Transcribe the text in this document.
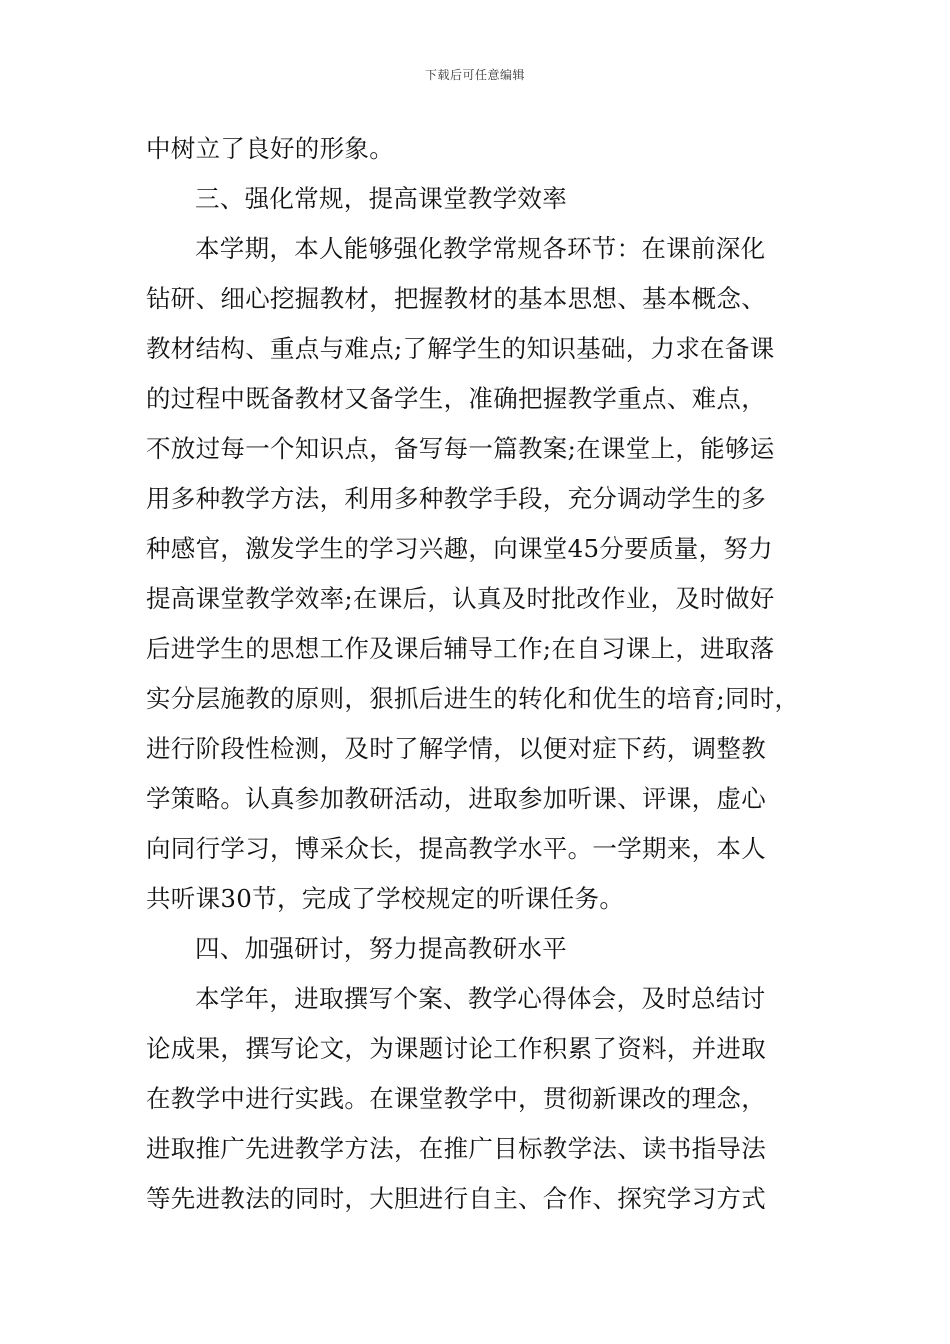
下载后可任意编辑
中树立了良好的形象。
三、强化常规，提高课堂教学效率
本学期，本人能够强化教学常规各环节：在课前深化
钻研、细心挖掘教材，把握教材的基本思想、基本概念、
教材结构、重点与难点;了解学生的知识基础，力求在备课
的过程中既备教材又备学生，准确把握教学重点、难点，
不放过每一个知识点，备写每一篇教案;在课堂上，能够运
用多种教学方法，利用多种教学手段，充分调动学生的多
种感官，激发学生的学习兴趣，向课堂45分要质量，努力
提高课堂教学效率;在课后，认真及时批改作业，及时做好
后进学生的思想工作及课后辅导工作;在自习课上，进取落
实分层施教的原则，狠抓后进生的转化和优生的培育;同时，
进行阶段性检测，及时了解学情，以便对症下药，调整教
学策略。认真参加教研活动，进取参加听课、评课，虚心
向同行学习，博采众长，提高教学水平。一学期来，本人
共听课30节，完成了学校规定的听课任务。
四、加强研讨，努力提高教研水平
本学年，进取撰写个案、教学心得体会，及时总结讨
论成果，撰写论文，为课题讨论工作积累了资料，并进取
在教学中进行实践。在课堂教学中，贯彻新课改的理念，
进取推广先进教学方法，在推广目标教学法、读书指导法
等先进教法的同时，大胆进行自主、合作、探究学习方式
